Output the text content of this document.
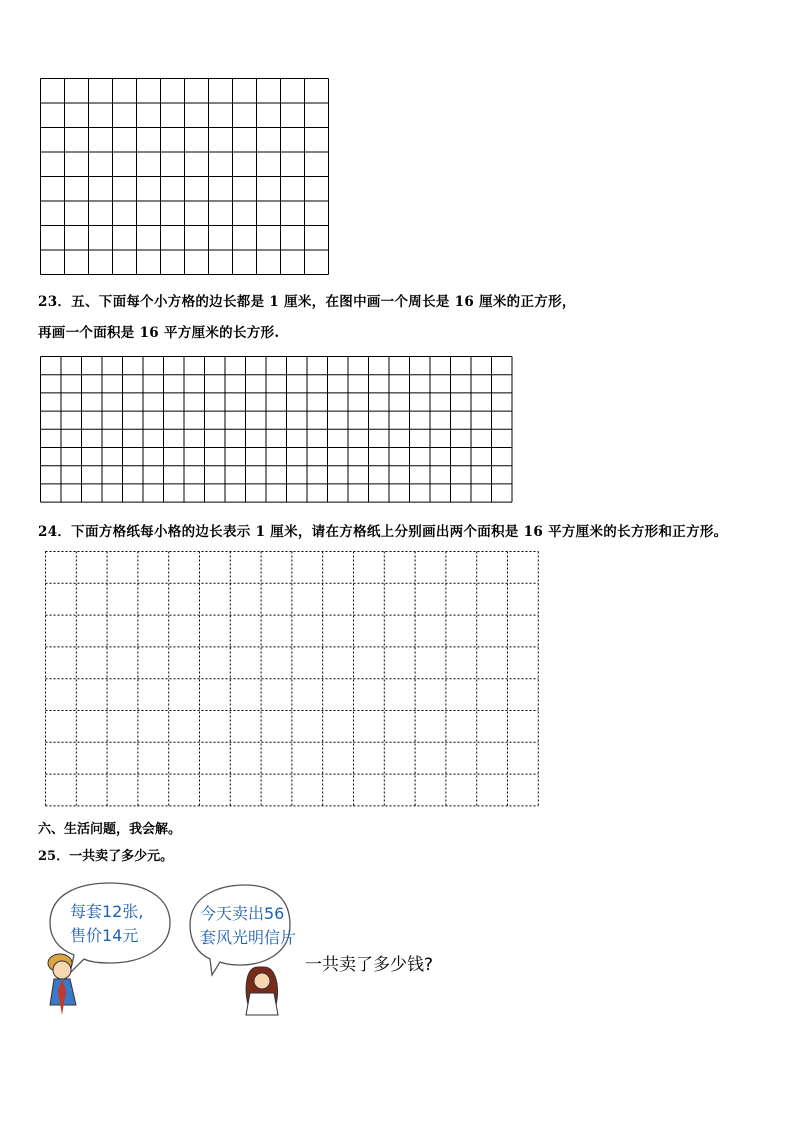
23．五、下面每个小方格的边长都是 1 厘米，在图中画一个周长是 16 厘米的正方形，
再画一个面积是 16 平方厘米的长方形.
24．下面方格纸每小格的边长表示 1 厘米，请在方格纸上分别画出两个面积是 16 平方厘米的长方形和正方形。
六、生活问题，我会解。
25．一共卖了多少元。
每套12张,
售价14元
今天卖出56
套风光明信片
一共卖了多少钱?
